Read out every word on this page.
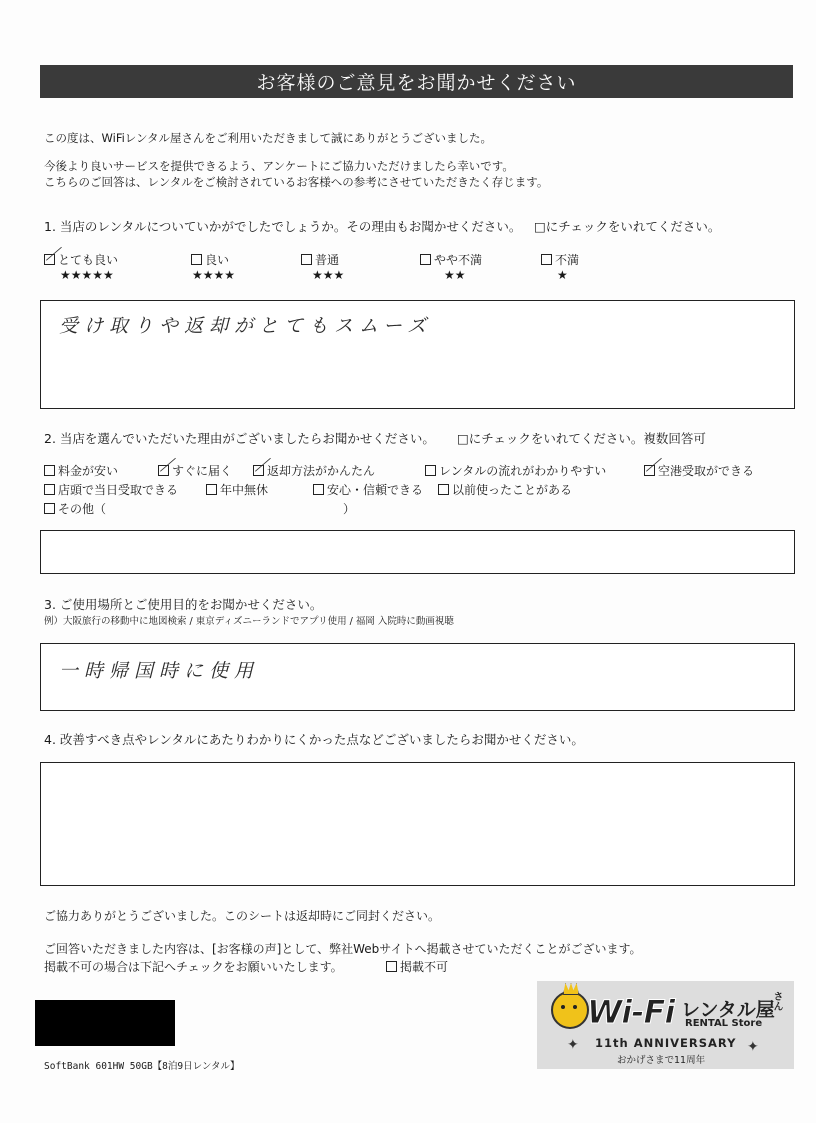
お客様のご意見をお聞かせください
この度は、WiFiレンタル屋さんをご利用いただきまして誠にありがとうございました。
今後より良いサービスを提供できるよう、アンケートにご協力いただけましたら幸いです。
こちらのご回答は、レンタルをご検討されているお客様への参考にさせていただきたく存じます。
1. 当店のレンタルについていかがでしたでしょうか。その理由もお聞かせください。 □にチェックをいれてください。
とても良い
★★★★★
良い
★★★★
普通
★★★
やや不満
★★
不満
★
受け取りや返却がとてもスムーズ
2. 当店を選んでいただいた理由がございましたらお聞かせください。 □にチェックをいれてください。複数回答可
料金が安い	すぐに届く	返却方法がかんたん	レンタルの流れがわかりやすい	空港受取ができる
店頭で当日受取できる	年中無休	安心・信頼できる	以前使ったことがある
その他（	）
3. ご使用場所とご使用目的をお聞かせください。
例）大阪旅行の移動中に地図検索 / 東京ディズニーランドでアプリ使用 / 福岡 入院時に動画視聴
一時帰国時に使用
4. 改善すべき点やレンタルにあたりわかりにくかった点などございましたらお聞かせください。
ご協力ありがとうございました。このシートは返却時にご同封ください。
ご回答いただきました内容は、[お客様の声]として、弊社Webサイトへ掲載させていただくことがございます。
掲載不可の場合は下記へチェックをお願いいたします。	掲載不可
SoftBank 601HW 50GB【8泊9日レンタル】
Wi-Fi レンタル屋
さん
RENTAL Store
11th ANNIVERSARY
おかげさまで11周年
✦	✦
